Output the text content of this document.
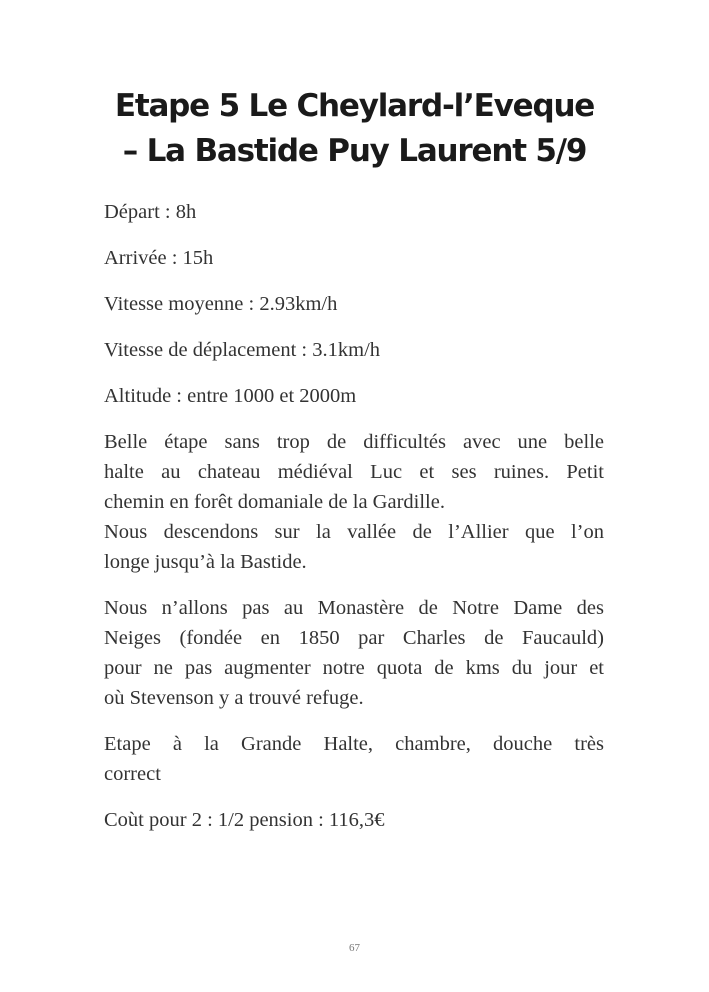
Etape 5 Le Cheylard-l’Eveque
– La Bastide Puy Laurent 5/9

Départ : 8h

Arrivée : 15h

Vitesse moyenne : 2.93km/h

Vitesse de déplacement : 3.1km/h

Altitude : entre 1000 et 2000m

Belle étape sans trop de difficultés avec une belle
halte au chateau médiéval Luc et ses ruines. Petit
chemin en forêt domaniale de la Gardille.

Nous descendons sur la vallée de l’Allier que l’on
longe jusqu’à la Bastide.

Nous n’allons pas au Monastère de Notre Dame des
Neiges (fondée en 1850 par Charles de Faucauld)
pour ne pas augmenter notre quota de kms du jour et
où Stevenson y a trouvé refuge.

Etape à la Grande Halte, chambre, douche très
correct

Coùt pour 2 : 1/2 pension : 116,3€

67
